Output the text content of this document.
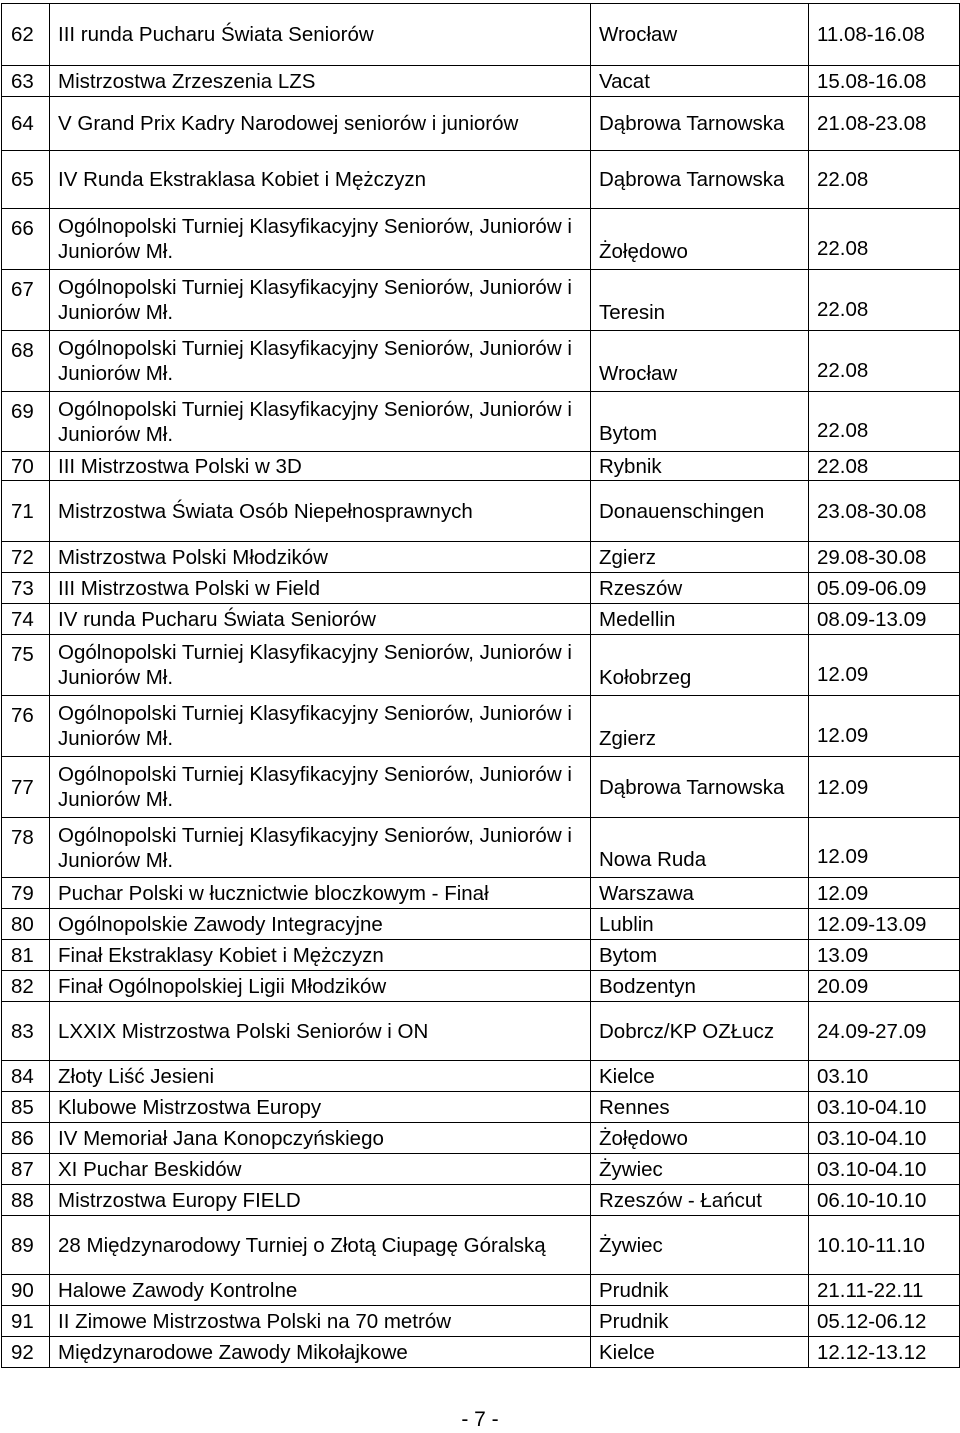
62	III runda Pucharu Świata Seniorów	Wrocław	11.08-16.08
63	Mistrzostwa Zrzeszenia LZS	Vacat	15.08-16.08
64	V Grand Prix Kadry Narodowej seniorów i juniorów	Dąbrowa Tarnowska	21.08-23.08
65	IV Runda Ekstraklasa Kobiet i Mężczyzn	Dąbrowa Tarnowska	22.08
66	Ogólnopolski Turniej Klasyfikacyjny Seniorów, Juniorów i Juniorów Mł.	Żołędowo	22.08
67	Ogólnopolski Turniej Klasyfikacyjny Seniorów, Juniorów i Juniorów Mł.	Teresin	22.08
68	Ogólnopolski Turniej Klasyfikacyjny Seniorów, Juniorów i Juniorów Mł.	Wrocław	22.08
69	Ogólnopolski Turniej Klasyfikacyjny Seniorów, Juniorów i Juniorów Mł.	Bytom	22.08
70	III Mistrzostwa Polski w 3D	Rybnik	22.08
71	Mistrzostwa Świata Osób Niepełnosprawnych	Donauenschingen	23.08-30.08
72	Mistrzostwa Polski Młodzików	Zgierz	29.08-30.08
73	III Mistrzostwa Polski w Field	Rzeszów	05.09-06.09
74	IV runda Pucharu Świata Seniorów	Medellin	08.09-13.09
75	Ogólnopolski Turniej Klasyfikacyjny Seniorów, Juniorów i Juniorów Mł.	Kołobrzeg	12.09
76	Ogólnopolski Turniej Klasyfikacyjny Seniorów, Juniorów i Juniorów Mł.	Zgierz	12.09
77	Ogólnopolski Turniej Klasyfikacyjny Seniorów, Juniorów i Juniorów Mł.	Dąbrowa Tarnowska	12.09
78	Ogólnopolski Turniej Klasyfikacyjny Seniorów, Juniorów i Juniorów Mł.	Nowa Ruda	12.09
79	Puchar Polski w łucznictwie bloczkowym - Finał	Warszawa	12.09
80	Ogólnopolskie Zawody Integracyjne	Lublin	12.09-13.09
81	Finał Ekstraklasy Kobiet i Mężczyzn	Bytom	13.09
82	Finał Ogólnopolskiej Ligii Młodzików	Bodzentyn	20.09
83	LXXIX Mistrzostwa Polski Seniorów i ON	Dobrcz/KP OZŁucz	24.09-27.09
84	Złoty Liść Jesieni	Kielce	03.10
85	Klubowe Mistrzostwa Europy	Rennes	03.10-04.10
86	IV Memoriał Jana Konopczyńskiego	Żołędowo	03.10-04.10
87	XI Puchar Beskidów	Żywiec	03.10-04.10
88	Mistrzostwa Europy FIELD	Rzeszów - Łańcut	06.10-10.10
89	28 Międzynarodowy Turniej o Złotą Ciupagę Góralską	Żywiec	10.10-11.10
90	Halowe Zawody Kontrolne	Prudnik	21.11-22.11
91	II Zimowe Mistrzostwa Polski na 70 metrów	Prudnik	05.12-06.12
92	Międzynarodowe Zawody Mikołajkowe	Kielce	12.12-13.12
- 7 -
